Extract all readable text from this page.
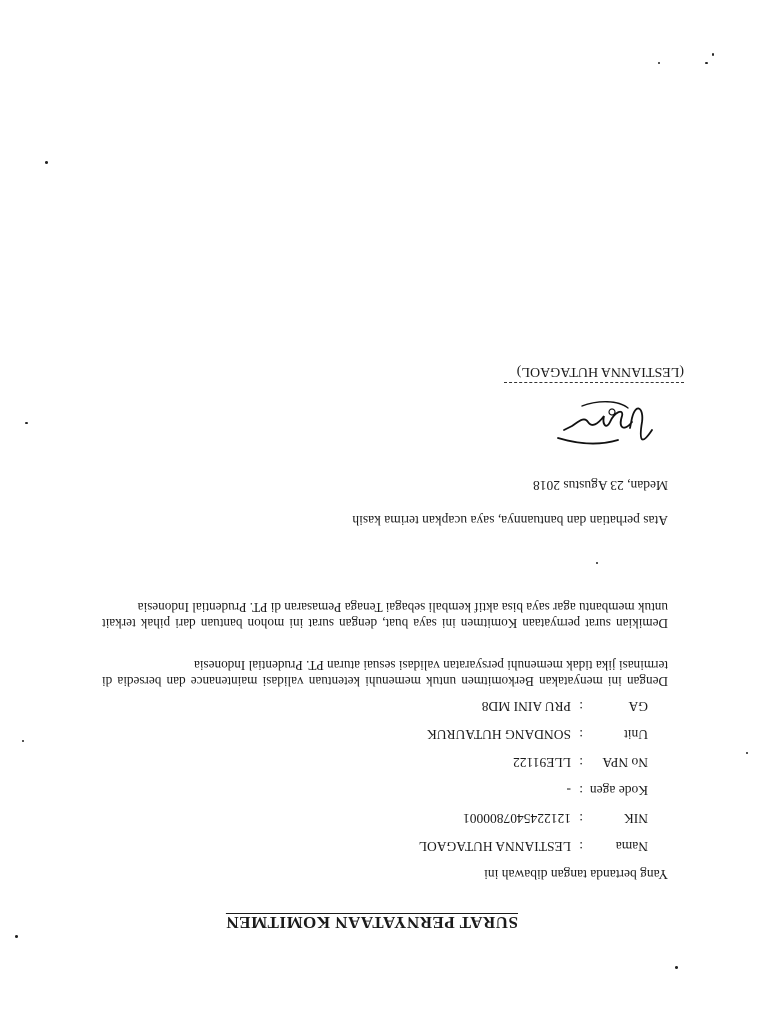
SURAT PERNYATAAN KOMITMEN
Yang bertanda tangan dibawah ini
Nama
:
LESTIANNA HUTAGAOL
NIK
:
1212245407800001
Kode agen
:
-
No NPA
:
LLE91122
Unit
:
SONDANG HUTAURUK
GA
:
PRU AINI MD8
Dengan ini menyatakan Berkomitmen untuk memenuhi ketentuan validasi maintenance dan bersedia di terminasi jika tidak memenuhi persyaratan validasi sesuai aturan PT. Prudential Indonesia
Demikian surat pernyataan Komitmen ini saya buat, dengan surat ini mohon bantuan dari pihak terkait untuk membantu agar saya bisa aktif kembali sebagai Tenaga Pemasaran di PT. Prudential Indonesia
Atas perhatian dan bantuannya, saya ucapkan terima kasih
Medan, 23 Agustus 2018
(LESTIANNA HUTAGAOL)
